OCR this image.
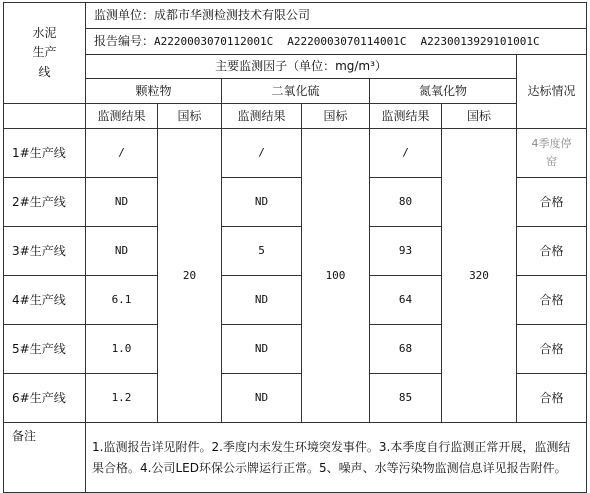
水泥生产线	监测单位：成都市华测检测技术有限公司						
	报告编号：A2220003070112001C A2220003070114001C A2230013929101001C						
	主要监测因子（单位：mg/m³）						达标情况
	颗粒物		二氧化硫		氮氧化物		
	监测结果	国标	监测结果	国标	监测结果	国标	
1#生产线	/	20	/	100	/	320	4季度停窑
2#生产线	ND		ND		80		合格
3#生产线	ND		5		93		合格
4#生产线	6.1		ND		64		合格
5#生产线	1.0		ND		68		合格
6#生产线	1.2		ND		85		合格
备注	1.监测报告详见附件。2.季度内未发生环境突发事件。3.本季度自行监测正常开展，监测结果合格。4.公司LED环保公示牌运行正常。5、噪声、水等污染物监测信息详见报告附件。						
